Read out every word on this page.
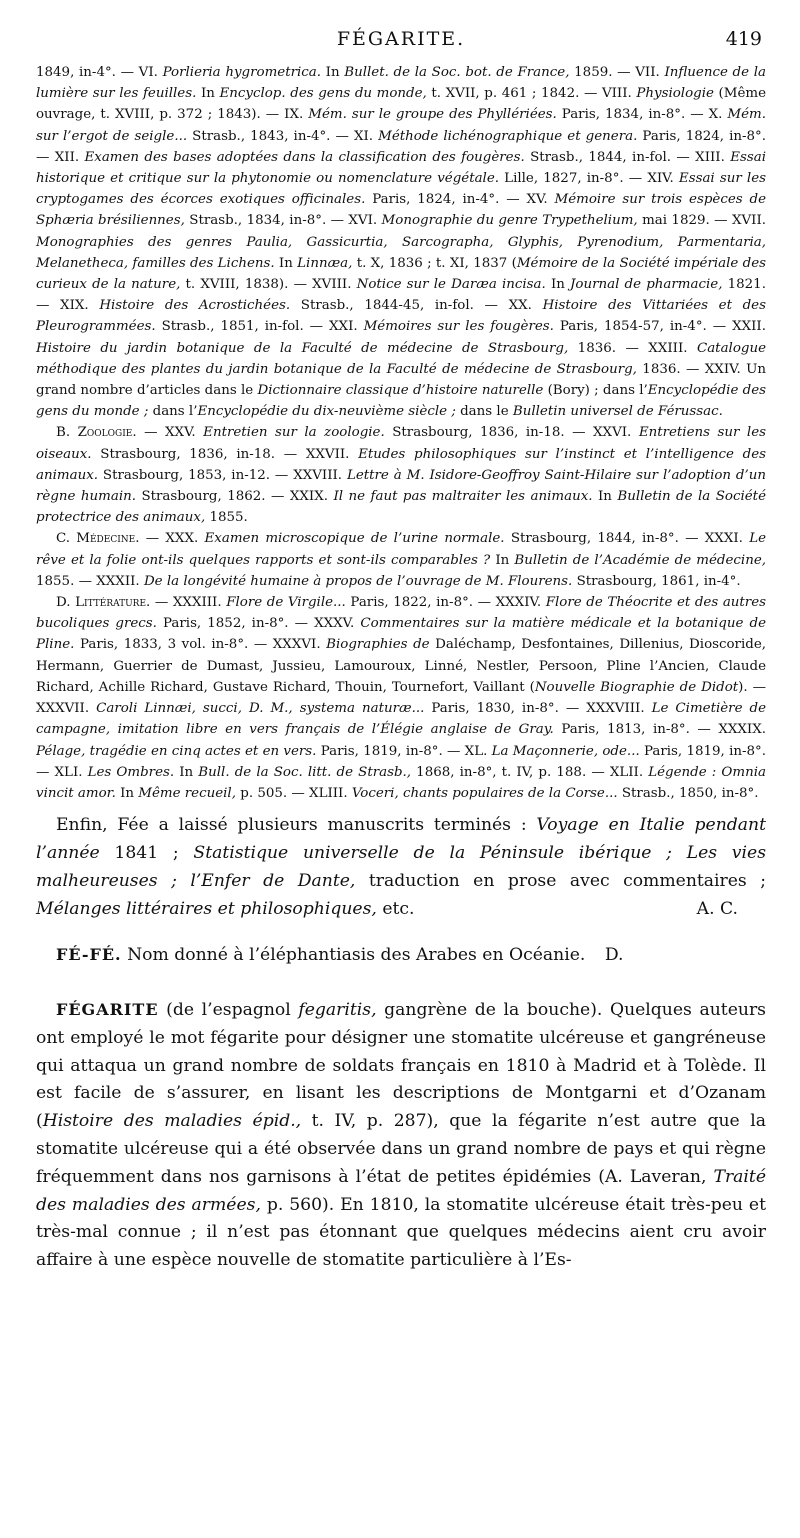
FÉGARITE.	419

1849, in-4°. — VI. Porlieria hygrometrica. In Bullet. de la Soc. bot. de France, 1859. — VII. Influence de la lumière sur les feuilles. In Encyclop. des gens du monde, t. XVII, p. 461 ; 1842. — VIII. Physiologie (Même ouvrage, t. XVIII, p. 372 ; 1843). — IX. Mém. sur le groupe des Phyllériées. Paris, 1834, in-8°. — X. Mém. sur l’ergot de seigle... Strasb., 1843, in-4°. — XI. Méthode lichénographique et genera. Paris, 1824, in-8°. — XII. Examen des bases adoptées dans la classification des fougères. Strasb., 1844, in-fol. — XIII. Essai historique et critique sur la phytonomie ou nomenclature végétale. Lille, 1827, in-8°. — XIV. Essai sur les cryptogames des écorces exotiques officinales. Paris, 1824, in-4°. — XV. Mémoire sur trois espèces de Sphæria brésiliennes, Strasb., 1834, in-8°. — XVI. Monographie du genre Trypethelium, mai 1829. — XVII. Monographies des genres Paulia, Gassicurtia, Sarcographa, Glyphis, Pyrenodium, Parmentaria, Melanetheca, familles des Lichens. In Linnæa, t. X, 1836 ; t. XI, 1837 (Mémoire de la Société impériale des curieux de la nature, t. XVIII, 1838). — XVIII. Notice sur le Daræa incisa. In Journal de pharmacie, 1821. — XIX. Histoire des Acrostichées. Strasb., 1844-45, in-fol. — XX. Histoire des Vittariées et des Pleurogrammées. Strasb., 1851, in-fol. — XXI. Mémoires sur les fougères. Paris, 1854-57, in-4°. — XXII. Histoire du jardin botanique de la Faculté de médecine de Strasbourg, 1836. — XXIII. Catalogue méthodique des plantes du jardin botanique de la Faculté de médecine de Strasbourg, 1836. — XXIV. Un grand nombre d’articles dans le Dictionnaire classique d’histoire naturelle (Bory) ; dans l’Encyclopédie des gens du monde ; dans l’Encyclopédie du dix-neuvième siècle ; dans le Bulletin universel de Férussac.

B. Zoologie. — XXV. Entretien sur la zoologie. Strasbourg, 1836, in-18. — XXVI. Entretiens sur les oiseaux. Strasbourg, 1836, in-18. — XXVII. Etudes philosophiques sur l’instinct et l’intelligence des animaux. Strasbourg, 1853, in-12. — XXVIII. Lettre à M. Isidore-Geoffroy Saint-Hilaire sur l’adoption d’un règne humain. Strasbourg, 1862. — XXIX. Il ne faut pas maltraiter les animaux. In Bulletin de la Société protectrice des animaux, 1855.

C. Médecine. — XXX. Examen microscopique de l’urine normale. Strasbourg, 1844, in-8°. — XXXI. Le rêve et la folie ont-ils quelques rapports et sont-ils comparables ? In Bulletin de l’Académie de médecine, 1855. — XXXII. De la longévité humaine à propos de l’ouvrage de M. Flourens. Strasbourg, 1861, in-4°.

D. Littérature. — XXXIII. Flore de Virgile... Paris, 1822, in-8°. — XXXIV. Flore de Théocrite et des autres bucoliques grecs. Paris, 1852, in-8°. — XXXV. Commentaires sur la matière médicale et la botanique de Pline. Paris, 1833, 3 vol. in-8°. — XXXVI. Biographies de Daléchamp, Desfontaines, Dillenius, Dioscoride, Hermann, Guerrier de Dumast, Jussieu, Lamouroux, Linné, Nestler, Persoon, Pline l’Ancien, Claude Richard, Achille Richard, Gustave Richard, Thouin, Tournefort, Vaillant (Nouvelle Biographie de Didot). — XXXVII. Caroli Linnæi, succi, D. M., systema naturæ... Paris, 1830, in-8°. — XXXVIII. Le Cimetière de campagne, imitation libre en vers français de l’Élégie anglaise de Gray. Paris, 1813, in-8°. — XXXIX. Pélage, tragédie en cinq actes et en vers. Paris, 1819, in-8°. — XL. La Maçonnerie, ode... Paris, 1819, in-8°. — XLI. Les Ombres. In Bull. de la Soc. litt. de Strasb., 1868, in-8°, t. IV, p. 188. — XLII. Légende : Omnia vincit amor. In Même recueil, p. 505. — XLIII. Voceri, chants populaires de la Corse... Strasb., 1850, in-8°.

Enfin, Fée a laissé plusieurs manuscrits terminés : Voyage en Italie pendant l’année 1841 ; Statistique universelle de la Péninsule ibérique ; Les vies malheureuses ; l’Enfer de Dante, traduction en prose avec commentaires ; Mélanges littéraires et philosophiques, etc.	A. C.

FÉ-FÉ. Nom donné à l’éléphantiasis des Arabes en Océanie. D.

FÉGARITE (de l’espagnol fegaritis, gangrène de la bouche). Quelques auteurs ont employé le mot fégarite pour désigner une stomatite ulcéreuse et gangréneuse qui attaqua un grand nombre de soldats français en 1810 à Madrid et à Tolède. Il est facile de s’assurer, en lisant les descriptions de Montgarni et d’Ozanam (Histoire des maladies épid., t. IV, p. 287), que la fégarite n’est autre que la stomatite ulcéreuse qui a été observée dans un grand nombre de pays et qui règne fréquemment dans nos garnisons à l’état de petites épidémies (A. Laveran, Traité des maladies des armées, p. 560). En 1810, la stomatite ulcéreuse était très-peu et très-mal connue ; il n’est pas étonnant que quelques médecins aient cru avoir affaire à une espèce nouvelle de stomatite particulière à l’Es-
